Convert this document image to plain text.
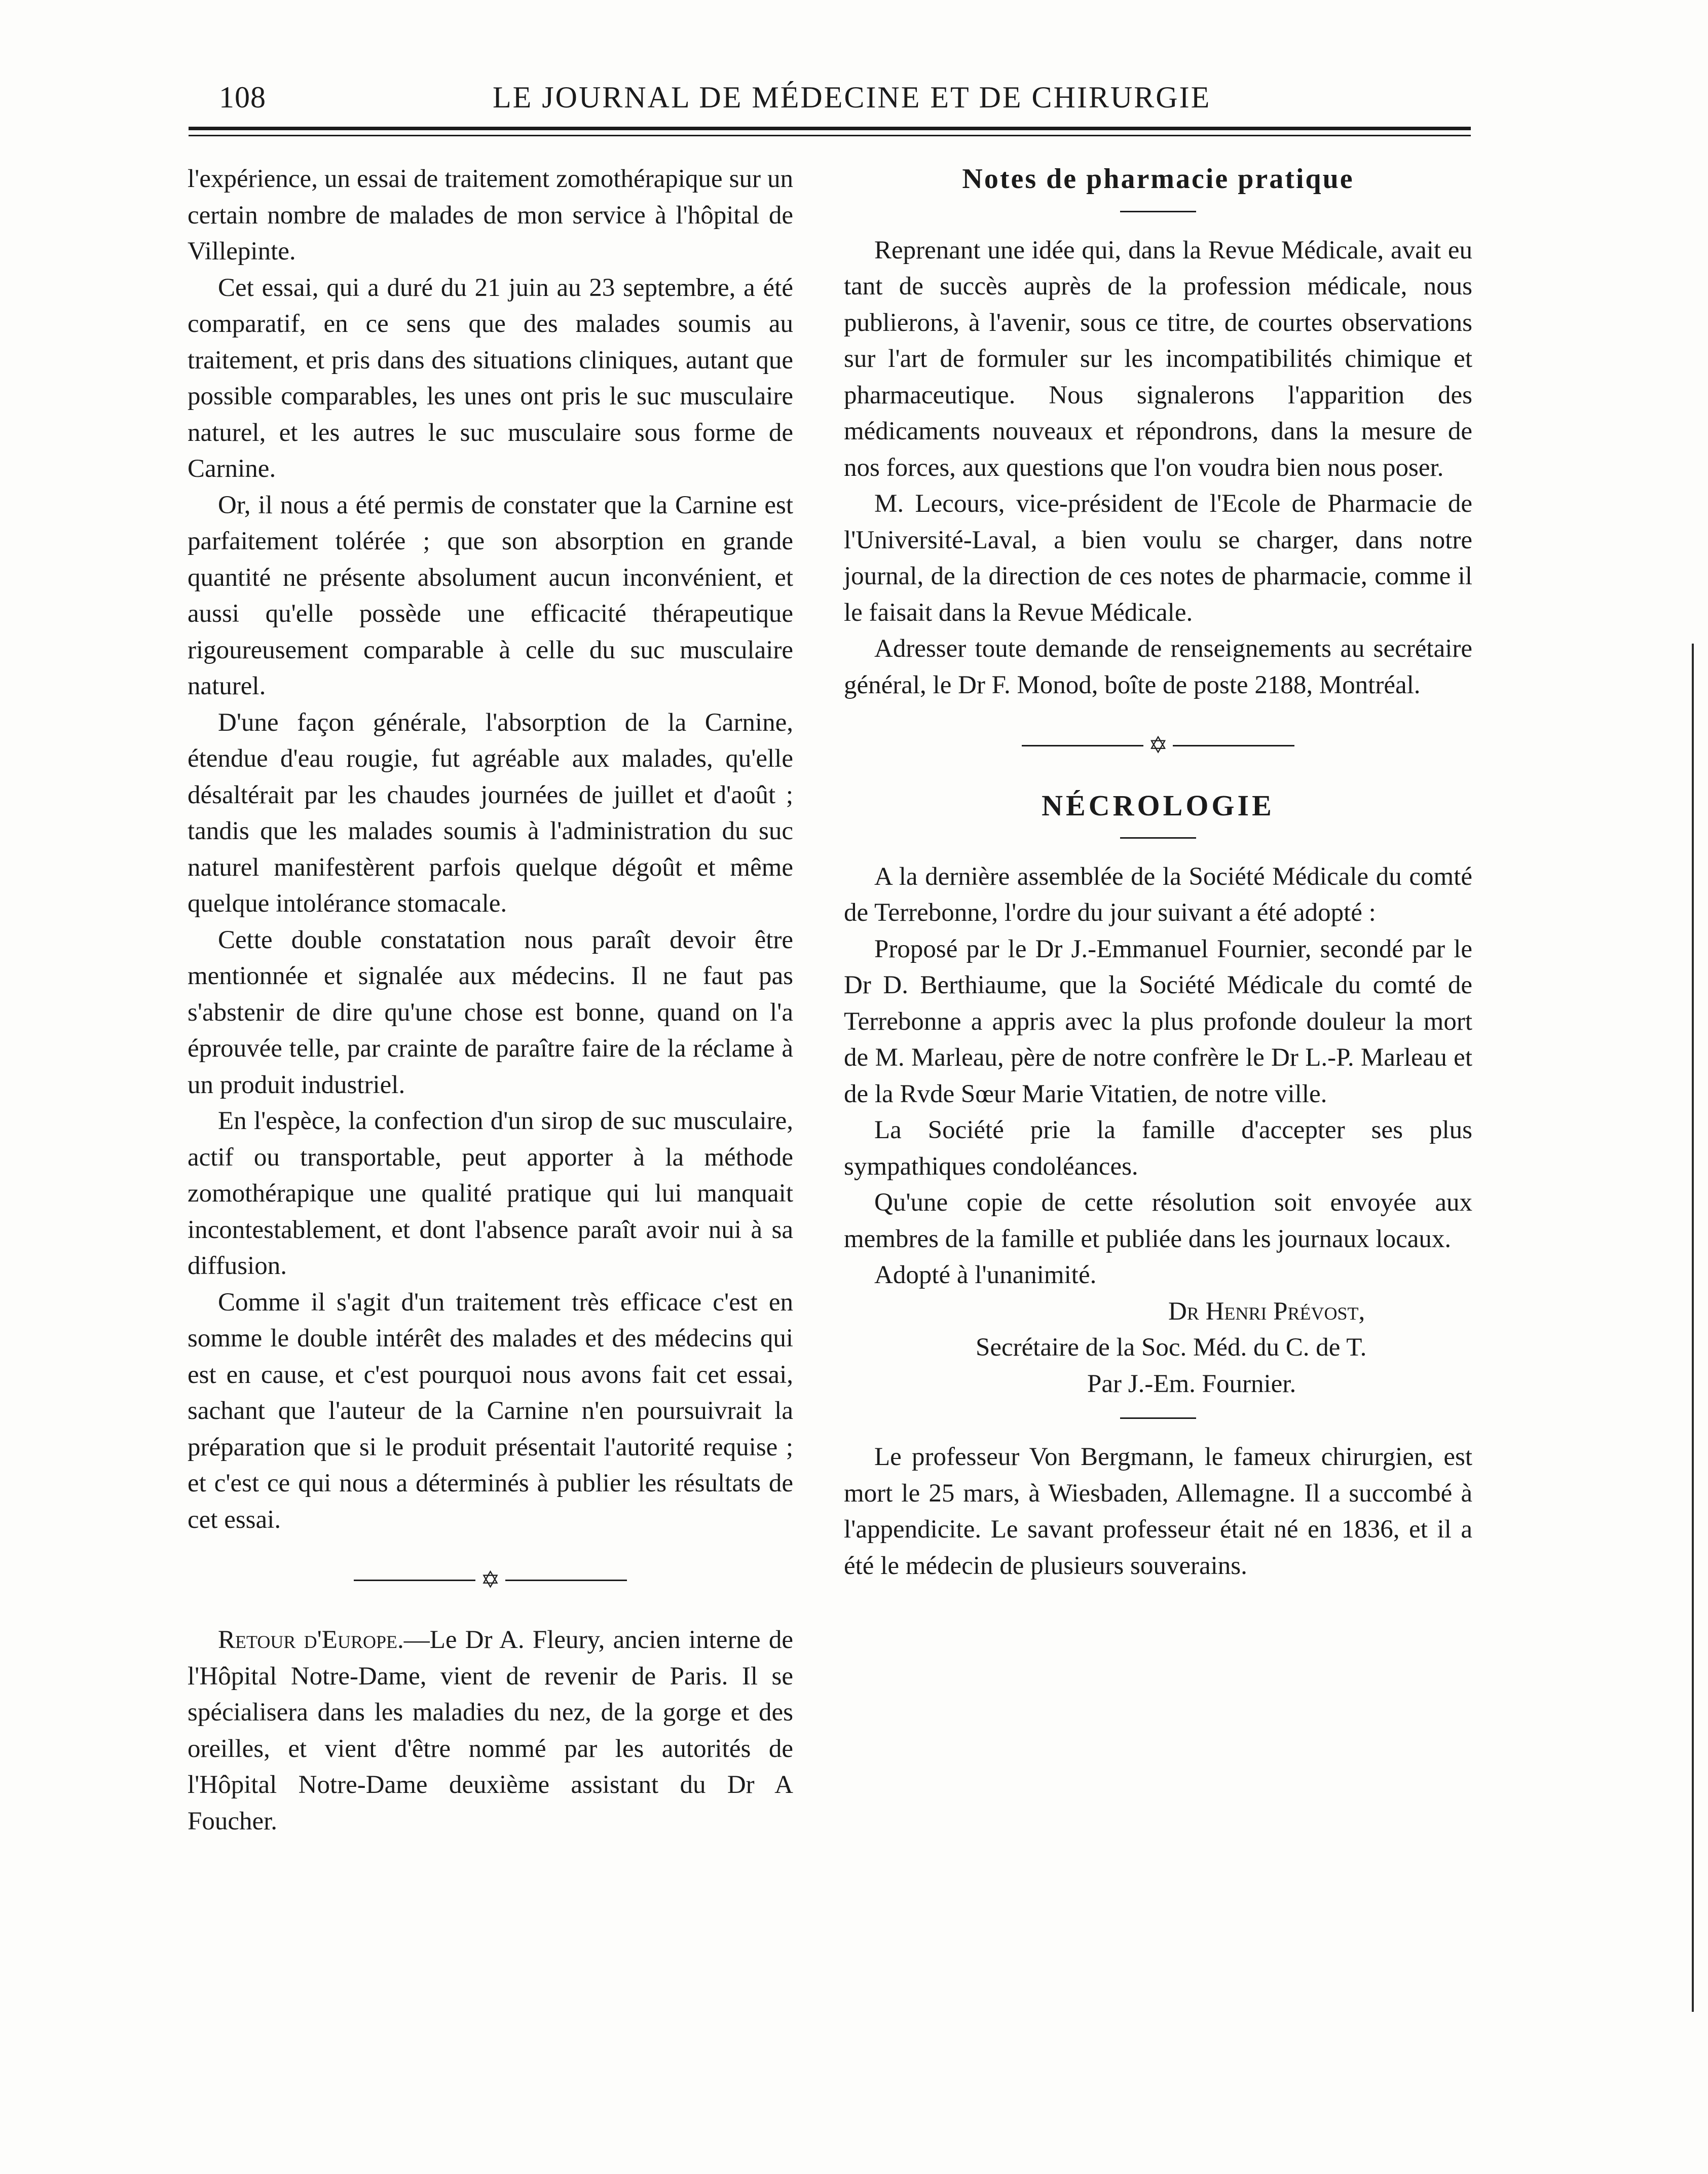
108	LE JOURNAL DE MÉDECINE ET DE CHIRURGIE

l'expérience, un essai de traitement zomothérapique sur un certain nombre de malades de mon service à l'hôpital de Villepinte.

Cet essai, qui a duré du 21 juin au 23 septembre, a été comparatif, en ce sens que des malades soumis au traitement, et pris dans des situations cliniques, autant que possible comparables, les unes ont pris le suc musculaire naturel, et les autres le suc musculaire sous forme de Carnine.

Or, il nous a été permis de constater que la Carnine est parfaitement tolérée ; que son absorption en grande quantité ne présente absolument aucun inconvénient, et aussi qu'elle possède une efficacité thérapeutique rigoureusement comparable à celle du suc musculaire naturel.

D'une façon générale, l'absorption de la Carnine, étendue d'eau rougie, fut agréable aux malades, qu'elle désaltérait par les chaudes journées de juillet et d'août ; tandis que les malades soumis à l'administration du suc naturel manifestèrent parfois quelque dégoût et même quelque intolérance stomacale.

Cette double constatation nous paraît devoir être mentionnée et signalée aux médecins. Il ne faut pas s'abstenir de dire qu'une chose est bonne, quand on l'a éprouvée telle, par crainte de paraître faire de la réclame à un produit industriel.

En l'espèce, la confection d'un sirop de suc musculaire, actif ou transportable, peut apporter à la méthode zomothérapique une qualité pratique qui lui manquait incontestablement, et dont l'absence paraît avoir nui à sa diffusion.

Comme il s'agit d'un traitement très efficace c'est en somme le double intérêt des malades et des médecins qui est en cause, et c'est pourquoi nous avons fait cet essai, sachant que l'auteur de la Carnine n'en poursuivrait la préparation que si le produit présentait l'autorité requise ; et c'est ce qui nous a déterminés à publier les résultats de cet essai.

✡

Retour d'Europe.—Le Dr A. Fleury, ancien interne de l'Hôpital Notre-Dame, vient de revenir de Paris. Il se spécialisera dans les maladies du nez, de la gorge et des oreilles, et vient d'être nommé par les autorités de l'Hôpital Notre-Dame deuxième assistant du Dr A Foucher.

Notes de pharmacie pratique

Reprenant une idée qui, dans la Revue Médicale, avait eu tant de succès auprès de la profession médicale, nous publierons, à l'avenir, sous ce titre, de courtes observations sur l'art de formuler sur les incompatibilités chimique et pharmaceutique. Nous signalerons l'apparition des médicaments nouveaux et répondrons, dans la mesure de nos forces, aux questions que l'on voudra bien nous poser.

M. Lecours, vice-président de l'Ecole de Pharmacie de l'Université-Laval, a bien voulu se charger, dans notre journal, de la direction de ces notes de pharmacie, comme il le faisait dans la Revue Médicale.

Adresser toute demande de renseignements au secrétaire général, le Dr F. Monod, boîte de poste 2188, Montréal.

✡
NÉCROLOGIE

A la dernière assemblée de la Société Médicale du comté de Terrebonne, l'ordre du jour suivant a été adopté :

Proposé par le Dr J.-Emmanuel Fournier, secondé par le Dr D. Berthiaume, que la Société Médicale du comté de Terrebonne a appris avec la plus profonde douleur la mort de M. Marleau, père de notre confrère le Dr L.-P. Marleau et de la Rvde Sœur Marie Vitatien, de notre ville.

La Société prie la famille d'accepter ses plus sympathiques condoléances.

Qu'une copie de cette résolution soit envoyée aux membres de la famille et publiée dans les journaux locaux.

Adopté à l'unanimité.

Dr Henri Prévost,

Secrétaire de la Soc. Méd. du C. de T.

Par J.-Em. Fournier.

Le professeur Von Bergmann, le fameux chirurgien, est mort le 25 mars, à Wiesbaden, Allemagne. Il a succombé à l'appendicite. Le savant professeur était né en 1836, et il a été le médecin de plusieurs souverains.
